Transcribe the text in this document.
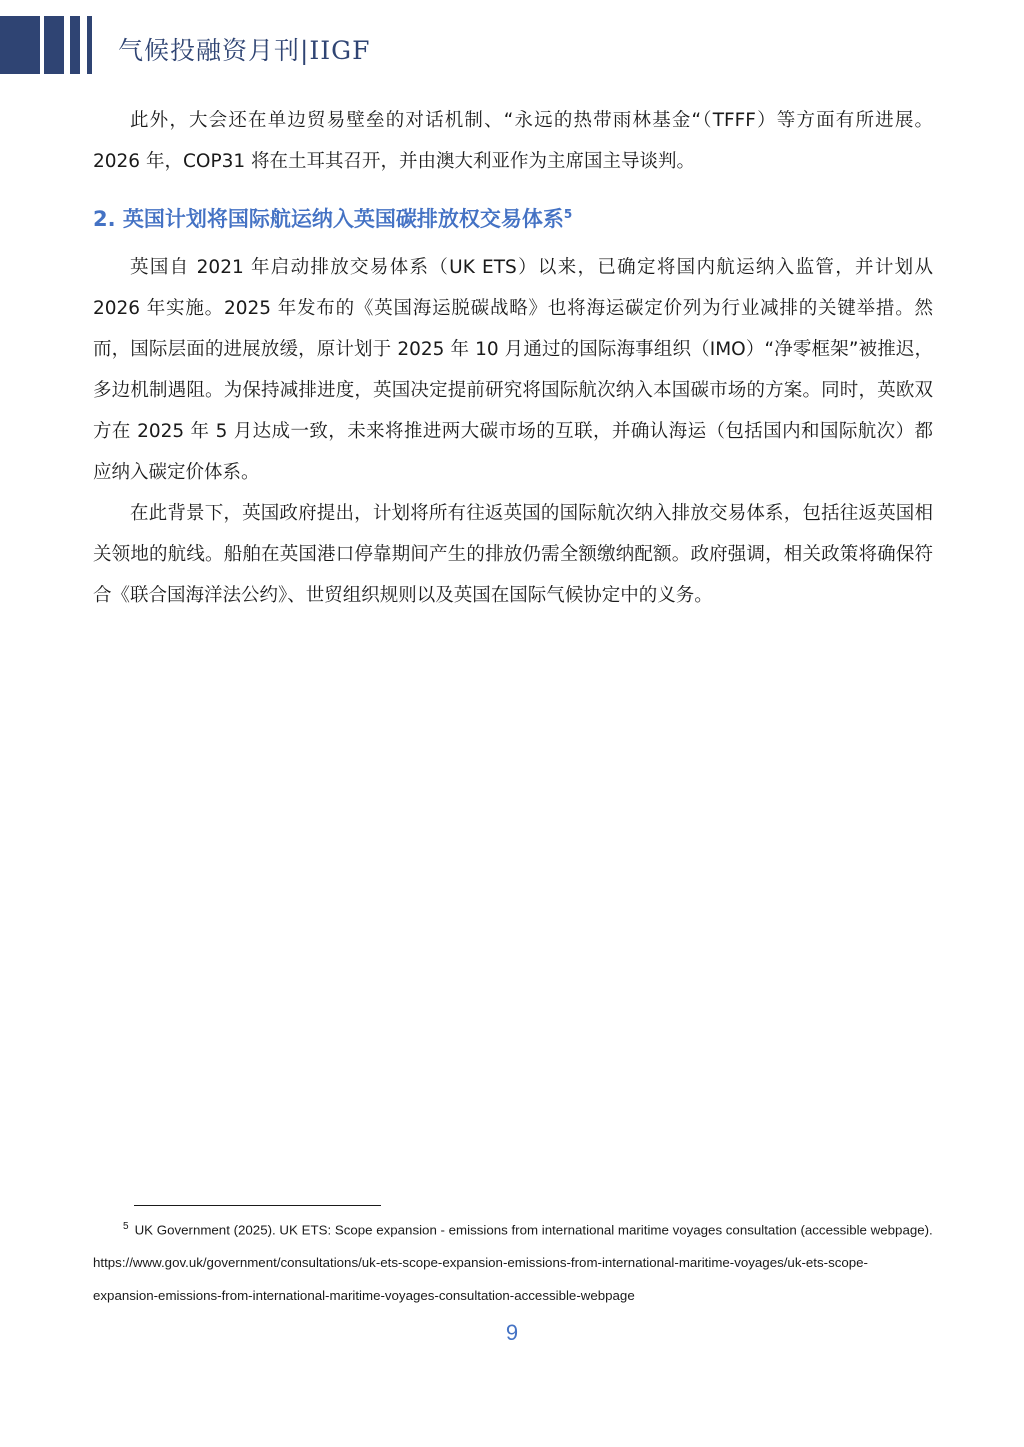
气候投融资月刊|IIGF

此外，大会还在单边贸易壁垒的对话机制、“永远的热带雨林基金“（TFFF）等方面有所进展。2026 年，COP31 将在土耳其召开，并由澳大利亚作为主席国主导谈判。

2. 英国计划将国际航运纳入英国碳排放权交易体系$^5$

英国自 2021 年启动排放交易体系（UK ETS）以来，已确定将国内航运纳入监管，并计划从 2026 年实施。2025 年发布的《英国海运脱碳战略》也将海运碳定价列为行业减排的关键举措。然而，国际层面的进展放缓，原计划于 2025 年 10 月通过的国际海事组织（IMO）“净零框架”被推迟，多边机制遇阻。为保持减排进度，英国决定提前研究将国际航次纳入本国碳市场的方案。同时，英欧双方在 2025 年 5 月达成一致，未来将推进两大碳市场的互联，并确认海运（包括国内和国际航次）都应纳入碳定价体系。

在此背景下，英国政府提出，计划将所有往返英国的国际航次纳入排放交易体系，包括往返英国相关领地的航线。船舶在英国港口停靠期间产生的排放仍需全额缴纳配额。政府强调，相关政策将确保符合《联合国海洋法公约》、世贸组织规则以及英国在国际气候协定中的义务。

$^5$ UK Government (2025). UK ETS: Scope expansion - emissions from international maritime voyages consultation (accessible webpage). https://www.gov.uk/government/consultations/uk-ets-scope-expansion-emissions-from-international-maritime-voyages/uk-ets-scope-expansion-emissions-from-international-maritime-voyages-consultation-accessible-webpage
9
